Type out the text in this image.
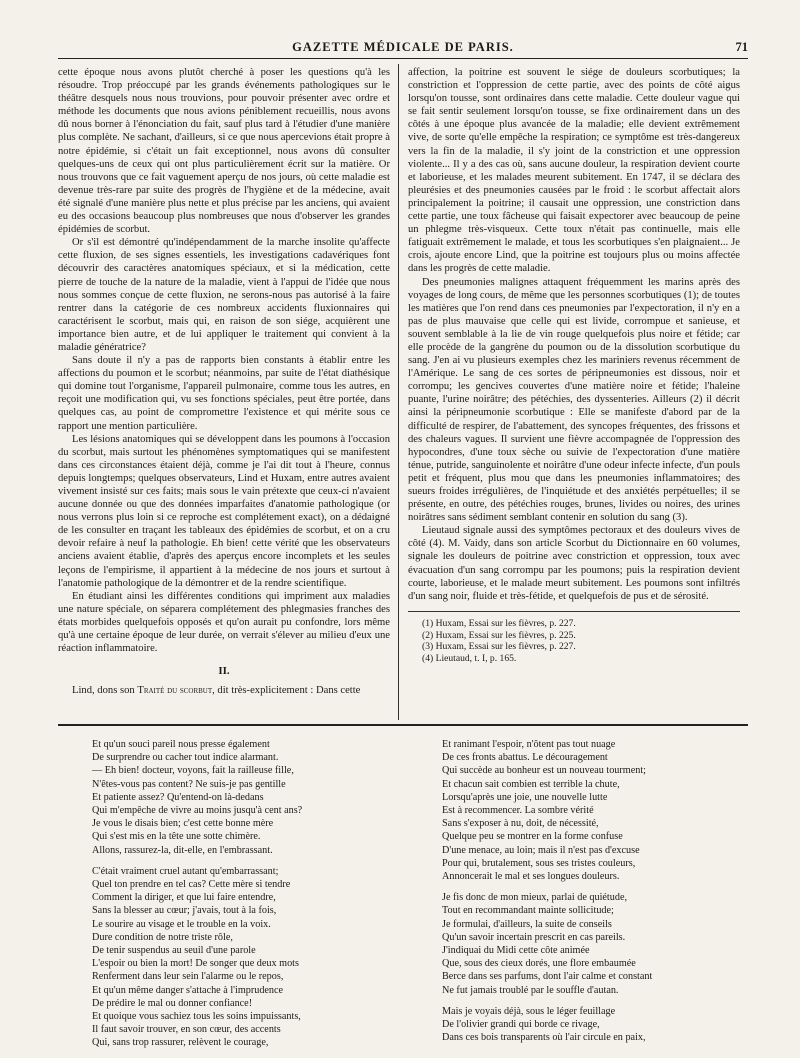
GAZETTE MÉDICALE DE PARIS.	71

cette époque nous avons plutôt cherché à poser les questions qu'à les résoudre. Trop préoccupé par les grands événements pathologiques sur le théâtre desquels nous nous trouvions, pour pouvoir présenter avec ordre et méthode les documents que nous avions péniblement recueillis, nous avons dû nous borner à l'énonciation du fait, sauf plus tard à l'étudier d'une manière plus complète. Ne sachant, d'ailleurs, si ce que nous apercevions était propre à notre épidémie, si c'était un fait exceptionnel, nous avons dû consulter quelques-uns de ceux qui ont plus particulièrement écrit sur la matière. Or nous trouvons que ce fait vaguement aperçu de nos jours, où cette maladie est devenue très-rare par suite des progrès de l'hygiène et de la médecine, avait été signalé d'une manière plus nette et plus précise par les anciens, qui avaient eu des occasions beaucoup plus nombreuses que nous d'observer les grandes épidémies de scorbut.

Or s'il est démontré qu'indépendamment de la marche insolite qu'affecte cette fluxion, de ses signes essentiels, les investigations cadavériques font découvrir des caractères anatomiques spéciaux, et si la médication, cette pierre de touche de la nature de la maladie, vient à l'appui de l'idée que nous nous sommes conçue de cette fluxion, ne serons-nous pas autorisé à la faire rentrer dans la catégorie de ces nombreux accidents fluxionnaires qui caractérisent le scorbut, mais qui, en raison de son siége, acquièrent une importance bien autre, et de lui appliquer le traitement qui convient à la maladie génératrice?

Sans doute il n'y a pas de rapports bien constants à établir entre les affections du poumon et le scorbut; néanmoins, par suite de l'état diathésique qui domine tout l'organisme, l'appareil pulmonaire, comme tous les autres, en reçoit une modification qui, vu ses fonctions spéciales, peut être portée, dans quelques cas, au point de compromettre l'existence et qui mérite sous ce rapport une mention particulière.

Les lésions anatomiques qui se développent dans les poumons à l'occasion du scorbut, mais surtout les phénomènes symptomatiques qui se manifestent dans ces circonstances étaient déjà, comme je l'ai dit tout à l'heure, connus depuis longtemps; quelques observateurs, Lind et Huxam, entre autres avaient vivement insisté sur ces faits; mais sous le vain prétexte que ceux-ci n'avaient aucune donnée ou que des données imparfaites d'anatomie pathologique (or nous verrons plus loin si ce reproche est complétement exact), on a dédaigné de les consulter en traçant les tableaux des épidémies de scorbut, et on a cru devoir refaire à neuf la pathologie. Eh bien! cette vérité que les observateurs anciens avaient établie, d'après des aperçus encore incomplets et les seules leçons de l'empirisme, il appartient à la médecine de nos jours et surtout à l'anatomie pathologique de la démontrer et de la rendre scientifique.

En étudiant ainsi les différentes conditions qui impriment aux maladies une nature spéciale, on séparera complétement des phlegmasies franches des états morbides quelquefois opposés et qu'on aurait pu confondre, lors même qu'à une certaine époque de leur durée, on verrait s'élever au milieu d'eux une réaction inflammatoire.

II.

Lind, dons son Traité du scorbut, dit très-explicitement : Dans cette

affection, la poitrine est souvent le siége de douleurs scorbutiques; la constriction et l'oppression de cette partie, avec des points de côté aigus lorsqu'on tousse, sont ordinaires dans cette maladie. Cette douleur vague qui se fait sentir seulement lorsqu'on tousse, se fixe ordinairement dans un des côtés à une époque plus avancée de la maladie; elle devient extrêmement vive, de sorte qu'elle empêche la respiration; ce symptôme est très-dangereux vers la fin de la maladie, il s'y joint de la constriction et une oppression violente... Il y a des cas où, sans aucune douleur, la respiration devient courte et laborieuse, et les malades meurent subitement. En 1747, il se déclara des pleurésies et des pneumonies causées par le froid : le scorbut affectait alors principalement la poitrine; il causait une oppression, une constriction dans cette partie, une toux fâcheuse qui faisait expectorer avec beaucoup de peine un phlegme très-visqueux. Cette toux n'était pas continuelle, mais elle fatiguait extrêmement le malade, et tous les scorbutiques s'en plaignaient... Je crois, ajoute encore Lind, que la poitrine est toujours plus ou moins affectée dans les progrès de cette maladie.

Des pneumonies malignes attaquent fréquemment les marins après des voyages de long cours, de même que les personnes scorbutiques (1); de toutes les matières que l'on rend dans ces pneumonies par l'expectoration, il n'y en a pas de plus mauvaise que celle qui est livide, corrompue et sanieuse, et souvent semblable à la lie de vin rouge quelquefois plus noire et fétide; car elle procède de la gangrène du poumon ou de la dissolution scorbutique du sang. J'en ai vu plusieurs exemples chez les mariniers revenus récemment de l'Amérique. Le sang de ces sortes de péripneumonies est dissous, noir et corrompu; les gencives couvertes d'une matière noire et fétide; l'haleine puante, l'urine noirâtre; des pétéchies, des dyssenteries. Ailleurs (2) il décrit ainsi la péripneumonie scorbutique : Elle se manifeste d'abord par de la difficulté de respirer, de l'abattement, des syncopes fréquentes, des frissons et des chaleurs vagues. Il survient une fièvre accompagnée de l'oppression des hypocondres, d'une toux sèche ou suivie de l'expectoration d'une matière ténue, putride, sanguinolente et noirâtre d'une odeur infecte infecte, d'un pouls petit et fréquent, plus mou que dans les pneumonies inflammatoires; des sueurs froides irrégulières, de l'inquiétude et des anxiétés perpétuelles; il se présente, en outre, des pétéchies rouges, brunes, livides ou noires, des urines noirâtres sans sédiment semblant contenir en solution du sang (3).

Lieutaud signale aussi des symptômes pectoraux et des douleurs vives de côté (4). M. Vaidy, dans son article Scorbut du Dictionnaire en 60 volumes, signale les douleurs de poitrine avec constriction et oppression, toux avec évacuation d'un sang corrompu par les poumons; puis la respiration devient courte, laborieuse, et le malade meurt subitement. Les poumons sont infiltrés d'un sang noir, fluide et très-fétide, et quelquefois de pus et de sérosité.

(1) Huxam, Essai sur les fièvres, p. 227.

(2) Huxam, Essai sur les fièvres, p. 225.

(3) Huxam, Essai sur les fièvres, p. 227.

(4) Lieutaud, t. I, p. 165.

Et qu'un souci pareil nous presse également
De surprendre ou cacher tout indice alarmant.
— Eh bien! docteur, voyons, fait la railleuse fille,
N'êtes-vous pas content? Ne suis-je pas gentille
Et patiente assez? Qu'entend-on là-dedans
Qui m'empêche de vivre au moins jusqu'à cent ans?
Je vous le disais bien; c'est cette bonne mère
Qui s'est mis en la tête une sotte chimère.
Allons, rassurez-la, dit-elle, en l'embrassant.
C'était vraiment cruel autant qu'embarrassant;
Quel ton prendre en tel cas? Cette mère si tendre
Comment la diriger, et que lui faire entendre,
Sans la blesser au cœur; j'avais, tout à la fois,
Le sourire au visage et le trouble en la voix.
Dure condition de notre triste rôle,
De tenir suspendus au seuil d'une parole
L'espoir ou bien la mort! De songer que deux mots
Renferment dans leur sein l'alarme ou le repos,
Et qu'un même danger s'attache à l'imprudence
De prédire le mal ou donner confiance!
Et quoique vous sachiez tous les soins impuissants,
Il faut savoir trouver, en son cœur, des accents
Qui, sans trop rassurer, relèvent le courage,
Et ranimant l'espoir, n'ôtent pas tout nuage
De ces fronts abattus. Le découragement
Qui succède au bonheur est un nouveau tourment;
Et chacun sait combien est terrible la chute,
Lorsqu'après une joie, une nouvelle lutte
Est à recommencer. La sombre vérité
Sans s'exposer à nu, doit, de nécessité,
Quelque peu se montrer en la forme confuse
D'une menace, au loin; mais il n'est pas d'excuse
Pour qui, brutalement, sous ses tristes couleurs,
Annoncerait le mal et ses longues douleurs.
Je fis donc de mon mieux, parlai de quiétude,
Tout en recommandant mainte sollicitude;
Je formulai, d'ailleurs, la suite de conseils
Qu'un savoir incertain prescrit en cas pareils.
J'indiquai du Midi cette côte animée
Que, sous des cieux dorés, une flore embaumée
Berce dans ses parfums, dont l'air calme et constant
Ne fut jamais troublé par le souffle d'autan.
Mais je voyais déjà, sous le léger feuillage
De l'olivier grandi qui borde ce rivage,
Dans ces bois transparents où l'air circule en paix,
